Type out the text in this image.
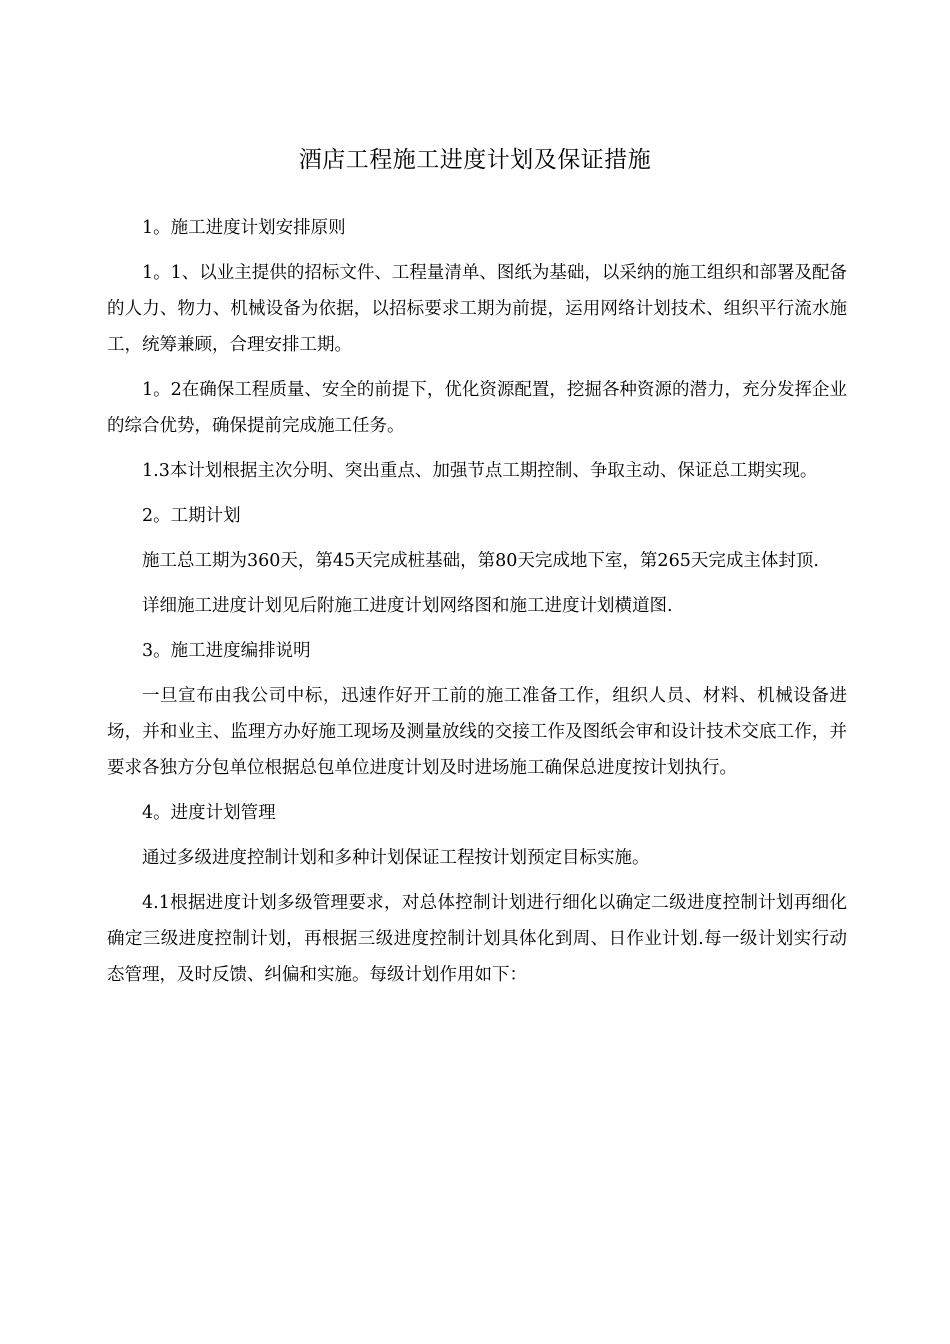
酒店工程施工进度计划及保证措施

1。施工进度计划安排原则

1。1、以业主提供的招标文件、工程量清单、图纸为基础，以采纳的施工组织和部署及配备的人力、物力、机械设备为依据，以招标要求工期为前提，运用网络计划技术、组织平行流水施工，统筹兼顾，合理安排工期。

1。2在确保工程质量、安全的前提下，优化资源配置，挖掘各种资源的潜力，充分发挥企业的综合优势，确保提前完成施工任务。

1.3本计划根据主次分明、突出重点、加强节点工期控制、争取主动、保证总工期实现。

2。工期计划

施工总工期为360天，第45天完成桩基础，第80天完成地下室，第265天完成主体封顶.

详细施工进度计划见后附施工进度计划网络图和施工进度计划横道图.

3。施工进度编排说明

一旦宣布由我公司中标，迅速作好开工前的施工准备工作，组织人员、材料、机械设备进场，并和业主、监理方办好施工现场及测量放线的交接工作及图纸会审和设计技术交底工作，并要求各独方分包单位根据总包单位进度计划及时进场施工确保总进度按计划执行。

4。进度计划管理

通过多级进度控制计划和多种计划保证工程按计划预定目标实施。

4.1根据进度计划多级管理要求，对总体控制计划进行细化以确定二级进度控制计划再细化确定三级进度控制计划，再根据三级进度控制计划具体化到周、日作业计划.每一级计划实行动态管理，及时反馈、纠偏和实施。每级计划作用如下：
